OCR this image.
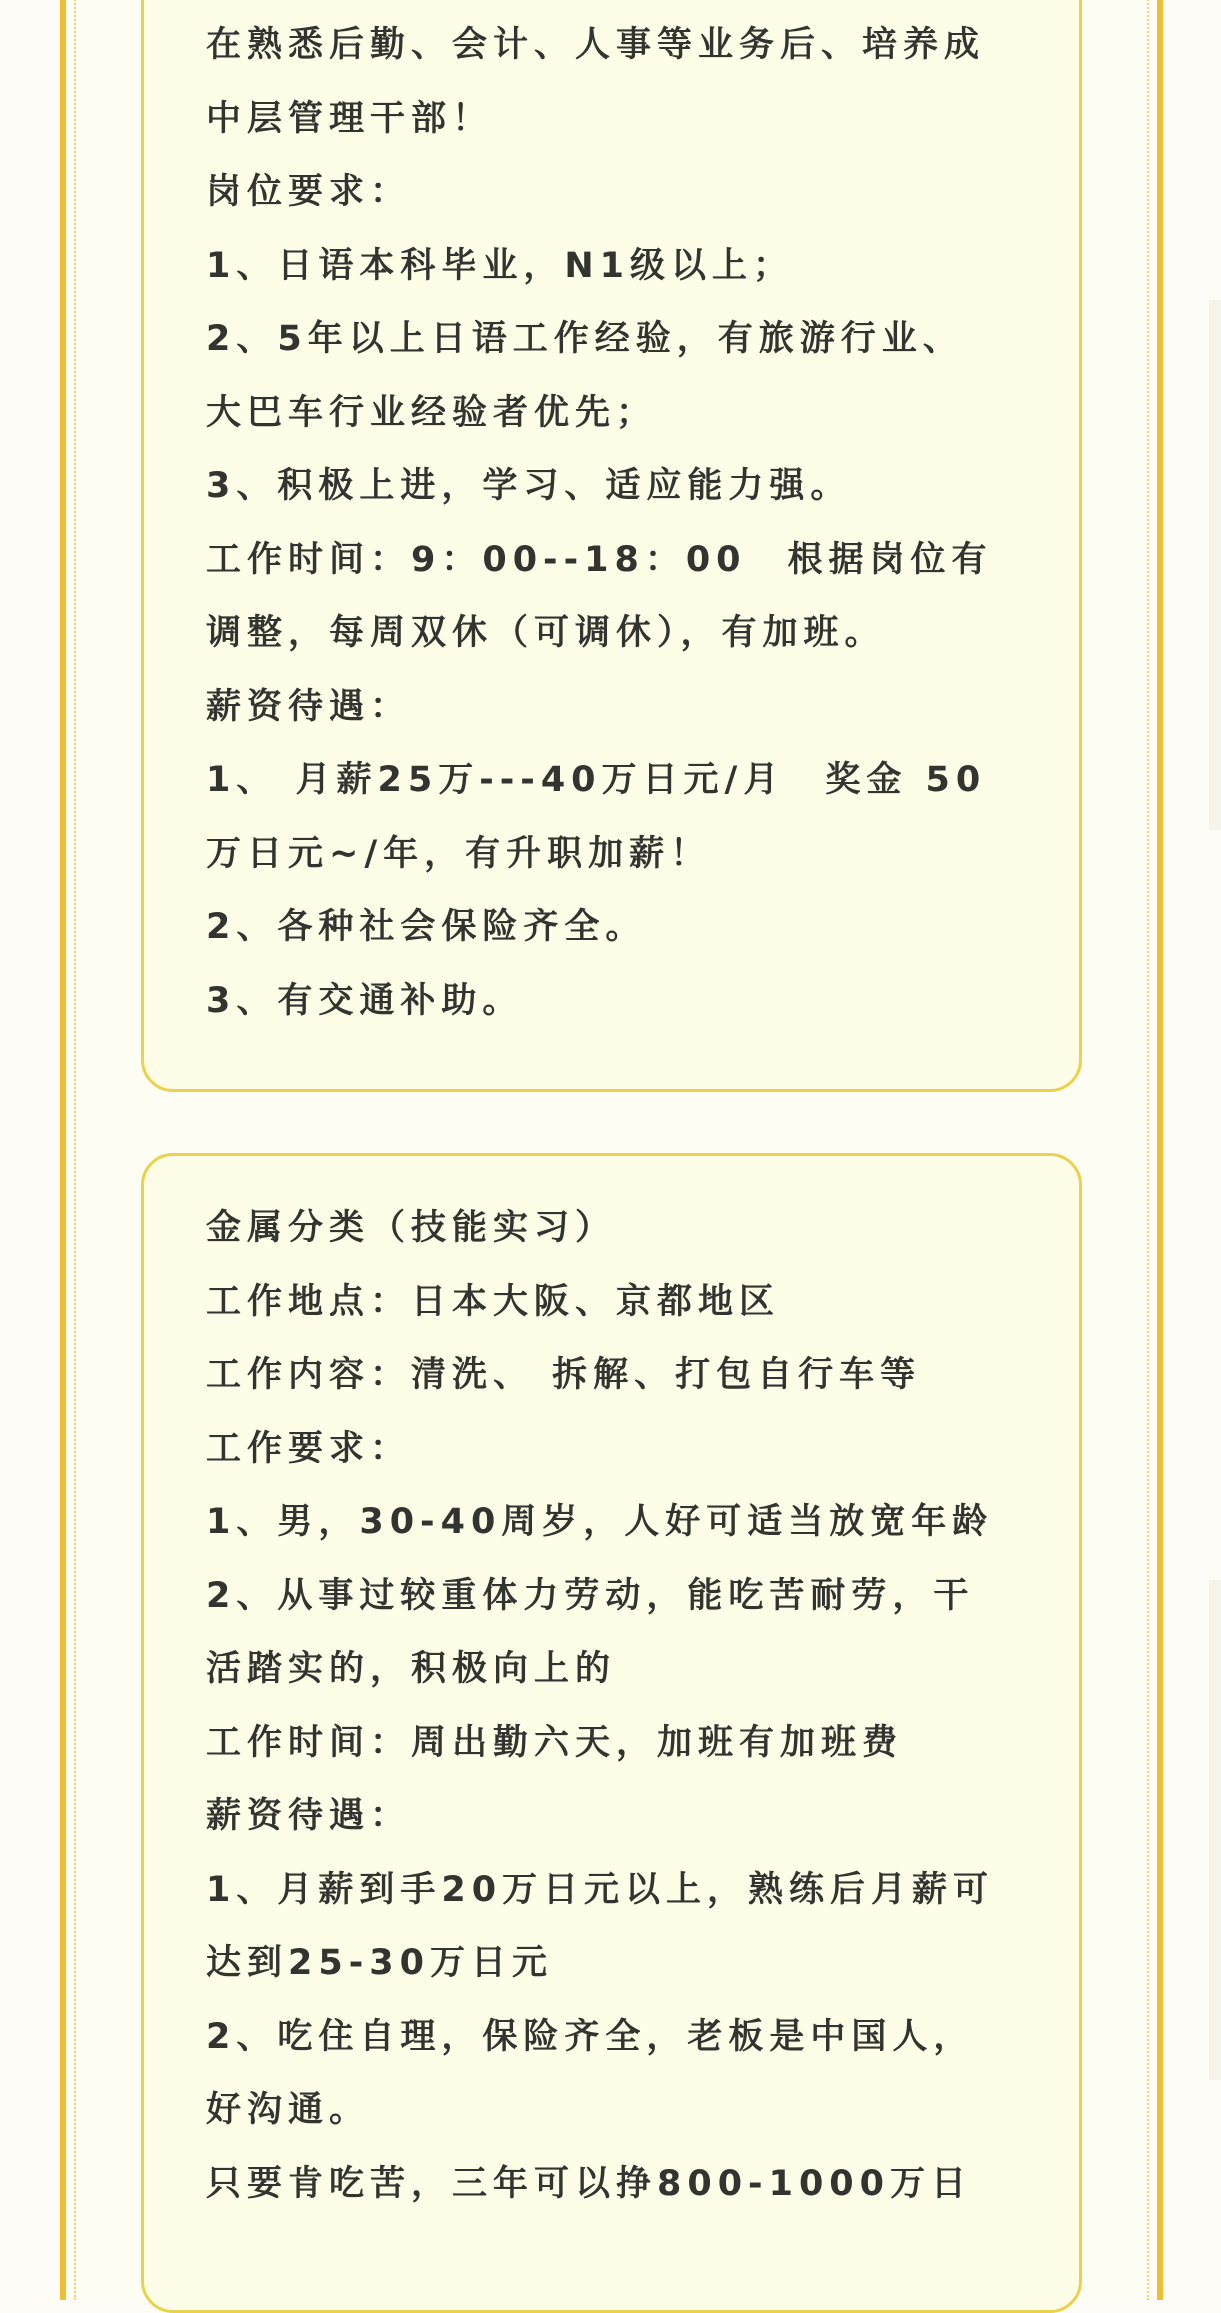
在熟悉后勤、会计、人事等业务后、培养成
中层管理干部！
岗位要求：
1、日语本科毕业，N1级以上；
2、5年以上日语工作经验，有旅游行业、
大巴车行业经验者优先；
3、积极上进，学习、适应能力强。
工作时间：9：00--18：00　根据岗位有
调整，每周双休（可调休），有加班。
薪资待遇：
1、 月薪25万---40万日元/月　奖金 50
万日元~/年，有升职加薪！
2、各种社会保险齐全。
3、有交通补助。
金属分类（技能实习）
工作地点：日本大阪、京都地区
工作内容：清洗、 拆解、打包自行车等
工作要求：
1、男，30-40周岁，人好可适当放宽年龄
2、从事过较重体力劳动，能吃苦耐劳，干
活踏实的，积极向上的
工作时间：周出勤六天，加班有加班费
薪资待遇：
1、月薪到手20万日元以上，熟练后月薪可
达到25-30万日元
2、吃住自理，保险齐全，老板是中国人，
好沟通。
只要肯吃苦，三年可以挣800-1000万日
